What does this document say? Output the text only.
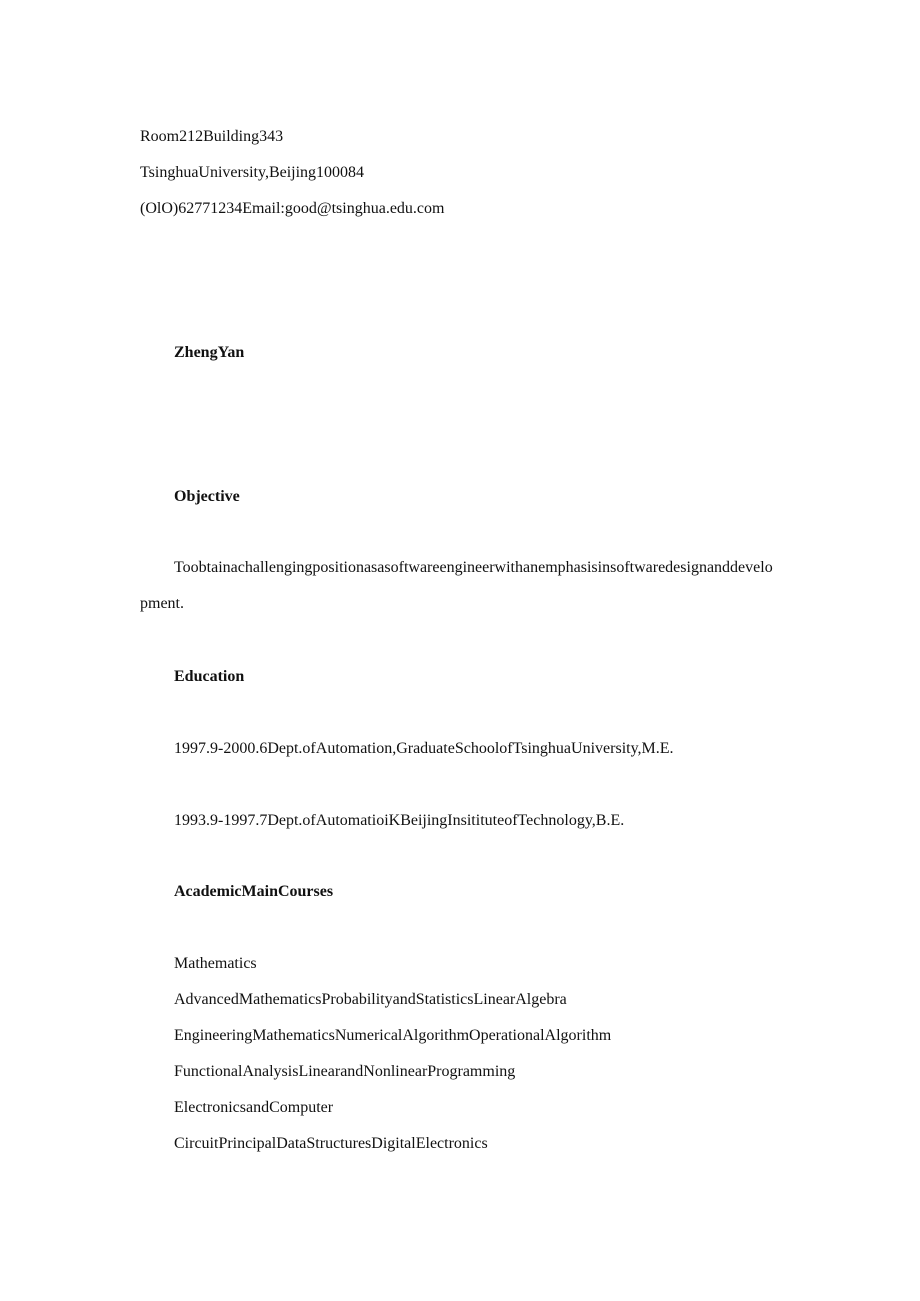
Room212Building343
TsinghuaUniversity,Beijing100084
(OlO)62771234Email:good@tsinghua.edu.com
ZhengYan
Objective
Toobtainachallengingpositionasasoftwareengineerwithanemphasisinsoftwaredesignanddevelopment.
Education
1997.9-2000.6Dept.ofAutomation,GraduateSchoolofTsinghuaUniversity,M.E.
1993.9-1997.7Dept.ofAutomatioiKBeijingInsitituteofTechnology,B.E.
AcademicMainCourses
Mathematics
AdvancedMathematicsProbabilityandStatisticsLinearAlgebra
EngineeringMathematicsNumericalAlgorithmOperationalAlgorithm
FunctionalAnalysisLinearandNonlinearProgramming
ElectronicsandComputer
CircuitPrincipalDataStructuresDigitalElectronics
